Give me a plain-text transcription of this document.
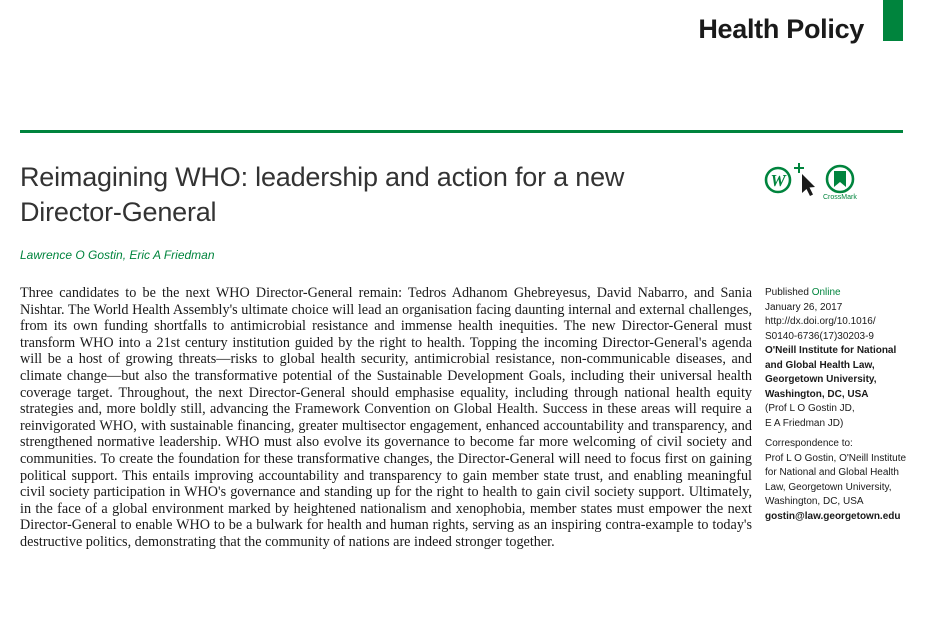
Health Policy
Reimagining WHO: leadership and action for a new
Director-General
W
CrossMark
Lawrence O Gostin, Eric A Friedman

Three candidates to be the next WHO Director-General remain: Tedros Adhanom Ghebreyesus, David Nabarro, and Sania Nishtar. The World Health Assembly's ultimate choice will lead an organisation facing daunting internal and external challenges, from its own funding shortfalls to antimicrobial resistance and immense health inequities. The new Director-General must transform WHO into a 21st century institution guided by the right to health. Topping the incoming Director-General's agenda will be a host of growing threats—risks to global health security, antimicrobial resistance, non-communicable diseases, and climate change—but also the transformative potential of the Sustainable Development Goals, including their universal health coverage target. Throughout, the next Director-General should emphasise equality, including through national health equity strategies and, more boldly still, advancing the Framework Convention on Global Health. Success in these areas will require a reinvigorated WHO, with sustainable financing, greater multisector engagement, enhanced accountability and transparency, and strengthened normative leadership. WHO must also evolve its governance to become far more welcoming of civil society and communities. To create the foundation for these transformative changes, the Director-General will need to focus first on gaining political support. This entails improving accountability and transparency to gain member state trust, and enabling meaningful civil society participation in WHO's governance and standing up for the right to health to gain civil society support. Ultimately, in the face of a global environment marked by heightened nationalism and xenophobia, member states must empower the next Director-General to enable WHO to be a bulwark for health and human rights, serving as an inspiring contra-example to today's destructive politics, demonstrating that the community of nations are indeed stronger together.

Published Online
January 26, 2017
http://dx.doi.org/10.1016/
S0140-6736(17)30203-9
O'Neill Institute for National
and Global Health Law,
Georgetown University,
Washington, DC, USA
(Prof L O Gostin JD,
E A Friedman JD)
Correspondence to:
Prof L O Gostin, O'Neill Institute
for National and Global Health
Law, Georgetown University,
Washington, DC, USA
gostin@law.georgetown.edu
